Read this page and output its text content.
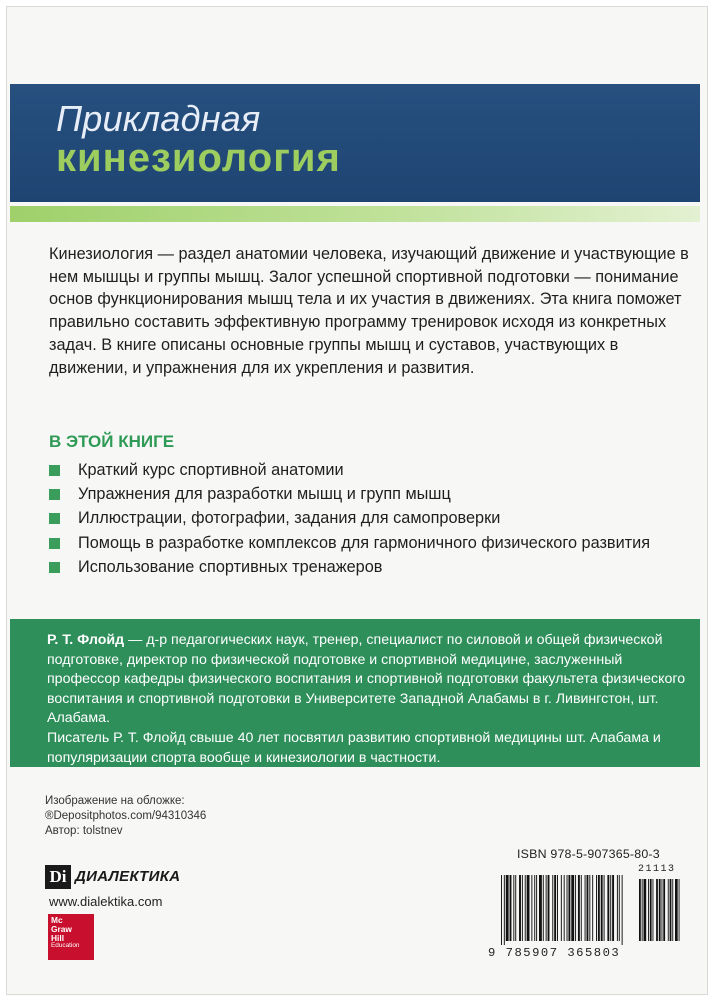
Прикладная
кинезиология
Кинезиология — раздел анатомии человека, изучающий движение и участвующие в нем мышцы и группы мышц. Залог успешной спортивной подготовки — понимание основ функционирования мышц тела и их участия в движениях. Эта книга поможет правильно составить эффективную программу тренировок исходя из конкретных задач. В книге описаны основные группы мышц и суставов, участвующих в движении, и упражнения для их укрепления и развития.
В ЭТОЙ КНИГЕ
Краткий курс спортивной анатомии
Упражнения для разработки мышц и групп мышц
Иллюстрации, фотографии, задания для самопроверки
Помощь в разработке комплексов для гармоничного физического развития
Использование спортивных тренажеров
Р. Т. Флойд — д-р педагогических наук, тренер, специалист по силовой и общей физической подготовке, директор по физической подготовке и спортивной медицине, заслуженный профессор кафедры физического воспитания и спортивной подготовки факультета физического воспитания и спортивной подготовки в Университете Западной Алабамы в г. Ливингстон, шт. Алабама.
Писатель Р. Т. Флойд свыше 40 лет посвятил развитию спортивной медицины шт. Алабама и популяризации спорта вообще и кинезиологии в частности.
Изображение на обложке:
®Depositphotos.com/94310346
Автор: tolstnev
Di ДИАЛЕКТИКА
www.dialektika.com
Mc
Graw
Hill
Education
ISBN 978-5-907365-80-3
21113
9 785907 365803
